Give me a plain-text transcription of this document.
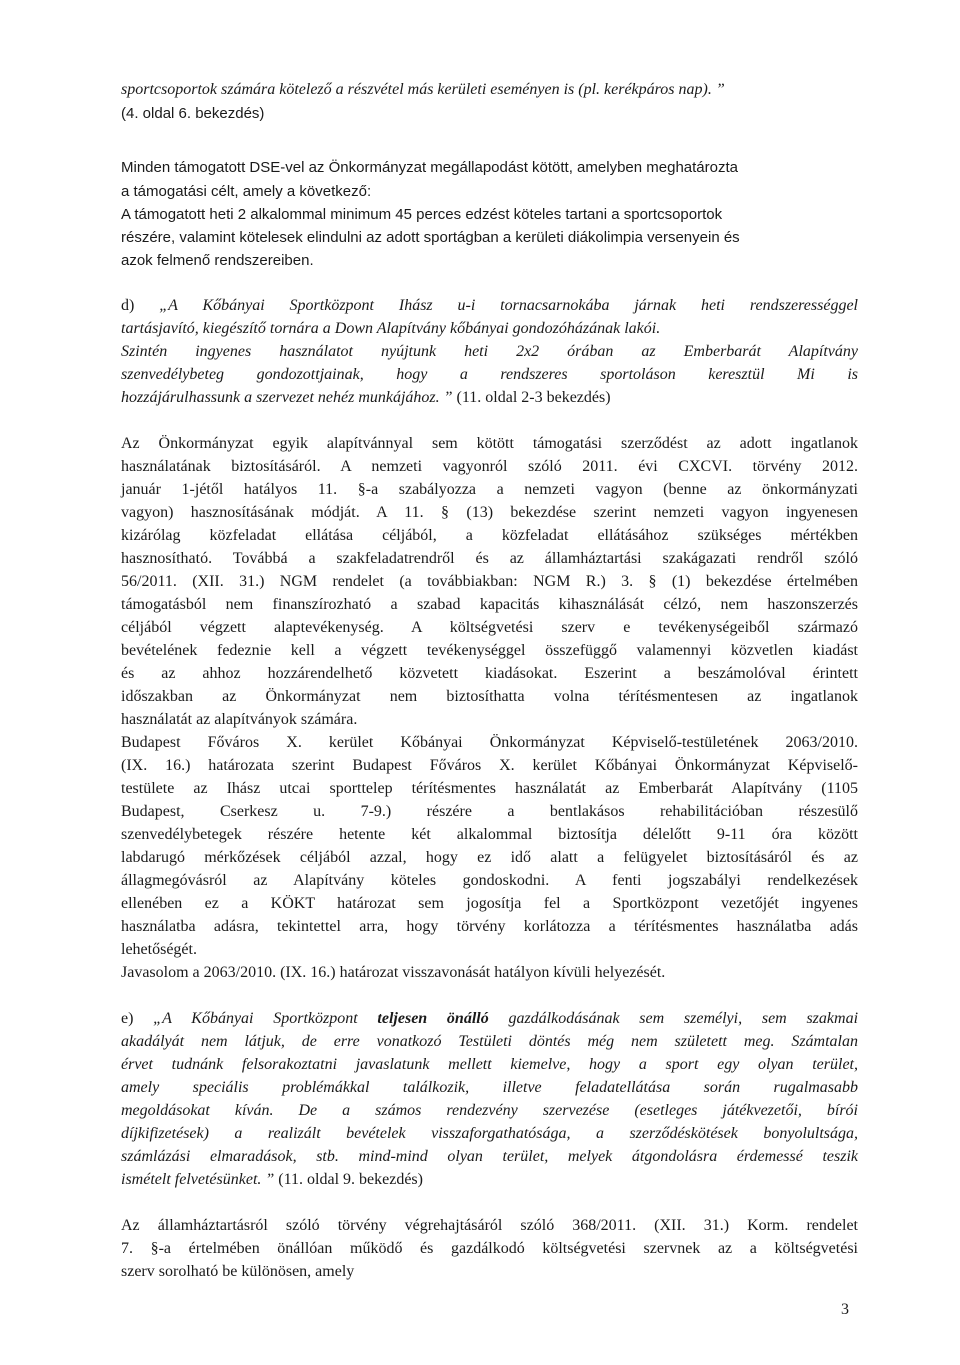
3
sportcsoportok számára kötelező a részvétel más kerületi eseményen is (pl. kerékpáros nap). ”
(4. oldal 6. bekezdés)
Minden támogatott DSE-vel az Önkormányzat megállapodást kötött, amelyben meghatározta
a támogatási célt, amely a következő:
A támogatott heti 2 alkalommal minimum 45 perces edzést köteles tartani a sportcsoportok
részére, valamint kötelesek elindulni az adott sportágban a kerületi diákolimpia versenyein és
azok felmenő rendszereiben.
d) „A Kőbányai Sportközpont Ihász u-i tornacsarnokába járnak heti rendszerességgel
tartásjavító, kiegészítő tornára a Down Alapítvány kőbányai gondozóházának lakói.
Szintén ingyenes használatot nyújtunk heti 2x2 órában az Emberbarát Alapítvány
szenvedélybeteg gondozottjainak, hogy a rendszeres sportoláson keresztül Mi is
hozzájárulhassunk a szervezet nehéz munkájához. ” (11. oldal 2-3 bekezdés)
Az Önkormányzat egyik alapítvánnyal sem kötött támogatási szerződést az adott ingatlanok
használatának biztosításáról. A nemzeti vagyonról szóló 2011. évi CXCVI. törvény 2012.
január 1-jétől hatályos 11. §-a szabályozza a nemzeti vagyon (benne az önkormányzati
vagyon) hasznosításának módját. A 11. § (13) bekezdése szerint nemzeti vagyon ingyenesen
kizárólag közfeladat ellátása céljából, a közfeladat ellátásához szükséges mértékben
hasznosítható. Továbbá a szakfeladatrendről és az államháztartási szakágazati rendről szóló
56/2011. (XII. 31.) NGM rendelet (a továbbiakban: NGM R.) 3. § (1) bekezdése értelmében
támogatásból nem finanszírozható a szabad kapacitás kihasználását célzó, nem haszonszerzés
céljából végzett alaptevékenység. A költségvetési szerv e tevékenységeiből származó
bevételének fedeznie kell a végzett tevékenységgel összefüggő valamennyi közvetlen kiadást
és az ahhoz hozzárendelhető közvetett kiadásokat. Eszerint a beszámolóval érintett
időszakban az Önkormányzat nem biztosíthatta volna térítésmentesen az ingatlanok
használatát az alapítványok számára.
Budapest Főváros X. kerület Kőbányai Önkormányzat Képviselő-testületének 2063/2010.
(IX. 16.) határozata szerint Budapest Főváros X. kerület Kőbányai Önkormányzat Képviselő-
testülete az Ihász utcai sporttelep térítésmentes használatát az Emberbarát Alapítvány (1105
Budapest, Cserkesz u. 7-9.) részére a bentlakásos rehabilitációban részesülő
szenvedélybetegek részére hetente két alkalommal biztosítja délelőtt 9-11 óra között
labdarugó mérkőzések céljából azzal, hogy ez idő alatt a felügyelet biztosításáról és az
állagmegóvásról az Alapítvány köteles gondoskodni. A fenti jogszabályi rendelkezések
ellenében ez a KÖKT határozat sem jogosítja fel a Sportközpont vezetőjét ingyenes
használatba adásra, tekintettel arra, hogy törvény korlátozza a térítésmentes használatba adás
lehetőségét.
Javasolom a 2063/2010. (IX. 16.) határozat visszavonását hatályon kívüli helyezését.
e) „A Kőbányai Sportközpont teljesen önálló gazdálkodásának sem személyi, sem szakmai
akadályát nem látjuk, de erre vonatkozó Testületi döntés még nem született meg. Számtalan
érvet tudnánk felsorakoztatni javaslatunk mellett kiemelve, hogy a sport egy olyan terület,
amely speciális problémákkal találkozik, illetve feladatellátása során rugalmasabb
megoldásokat kíván. De a számos rendezvény szervezése (esetleges játékvezetői, bírói
díjkifizetések) a realizált bevételek visszaforgathatósága, a szerződéskötések bonyolultsága,
számlázási elmaradások, stb. mind-mind olyan terület, melyek átgondolásra érdemessé teszik
ismételt felvetésünket. ” (11. oldal 9. bekezdés)
Az államháztartásról szóló törvény végrehajtásáról szóló 368/2011. (XII. 31.) Korm. rendelet
7. §-a értelmében önállóan működő és gazdálkodó költségvetési szervnek az a költségvetési
szerv sorolható be különösen, amely
